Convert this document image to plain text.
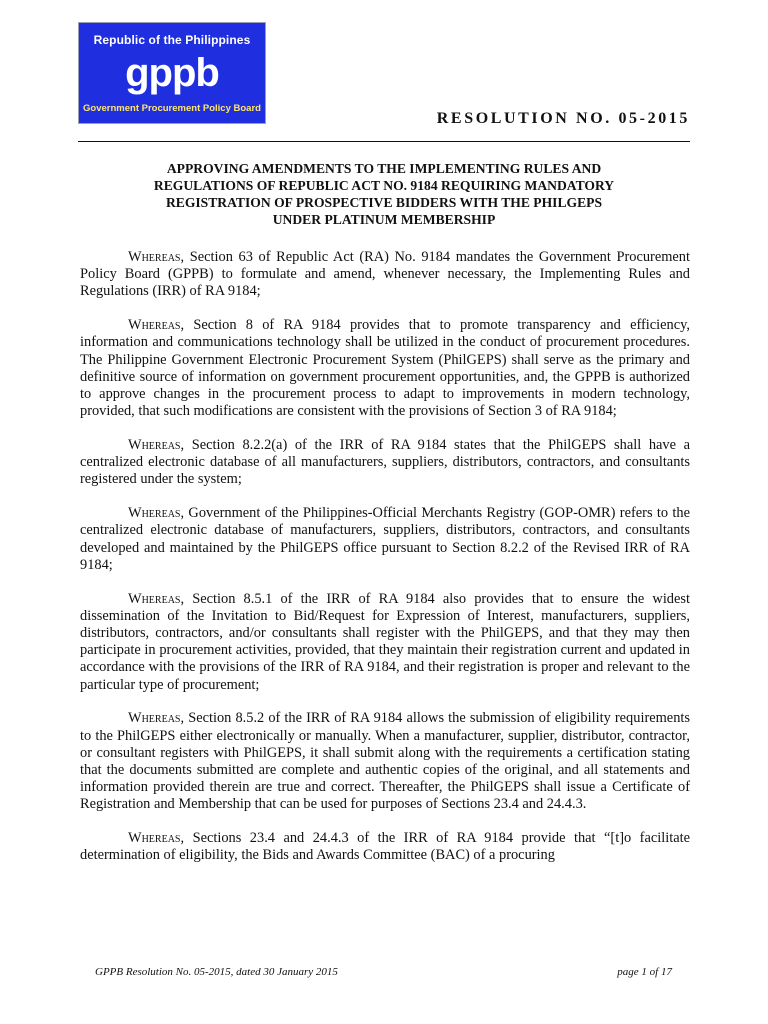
Republic of the Philippines
gppb
Government Procurement Policy Board
RESOLUTION NO. 05-2015
APPROVING AMENDMENTS TO THE IMPLEMENTING RULES AND
REGULATIONS OF REPUBLIC ACT NO. 9184 REQUIRING MANDATORY
REGISTRATION OF PROSPECTIVE BIDDERS WITH THE PHILGEPS
UNDER PLATINUM MEMBERSHIP

Whereas, Section 63 of Republic Act (RA) No. 9184 mandates the Government Procurement Policy Board (GPPB) to formulate and amend, whenever necessary, the Implementing Rules and Regulations (IRR) of RA 9184;

Whereas, Section 8 of RA 9184 provides that to promote transparency and efficiency, information and communications technology shall be utilized in the conduct of procurement procedures. The Philippine Government Electronic Procurement System (PhilGEPS) shall serve as the primary and definitive source of information on government procurement opportunities, and, the GPPB is authorized to approve changes in the procurement process to adapt to improvements in modern technology, provided, that such modifications are consistent with the provisions of Section 3 of RA 9184;

Whereas, Section 8.2.2(a) of the IRR of RA 9184 states that the PhilGEPS shall have a centralized electronic database of all manufacturers, suppliers, distributors, contractors, and consultants registered under the system;

Whereas, Government of the Philippines-Official Merchants Registry (GOP-OMR) refers to the centralized electronic database of manufacturers, suppliers, distributors, contractors, and consultants developed and maintained by the PhilGEPS office pursuant to Section 8.2.2 of the Revised IRR of RA 9184;

Whereas, Section 8.5.1 of the IRR of RA 9184 also provides that to ensure the widest dissemination of the Invitation to Bid/Request for Expression of Interest, manufacturers, suppliers, distributors, contractors, and/or consultants shall register with the PhilGEPS, and that they may then participate in procurement activities, provided, that they maintain their registration current and updated in accordance with the provisions of the IRR of RA 9184, and their registration is proper and relevant to the particular type of procurement;

Whereas, Section 8.5.2 of the IRR of RA 9184 allows the submission of eligibility requirements to the PhilGEPS either electronically or manually. When a manufacturer, supplier, distributor, contractor, or consultant registers with PhilGEPS, it shall submit along with the requirements a certification stating that the documents submitted are complete and authentic copies of the original, and all statements and information provided therein are true and correct. Thereafter, the PhilGEPS shall issue a Certificate of Registration and Membership that can be used for purposes of Sections 23.4 and 24.4.3.

Whereas, Sections 23.4 and 24.4.3 of the IRR of RA 9184 provide that “[t]o facilitate determination of eligibility, the Bids and Awards Committee (BAC) of a procuring

GPPB Resolution No. 05-2015, dated 30 January 2015	page 1 of 17
